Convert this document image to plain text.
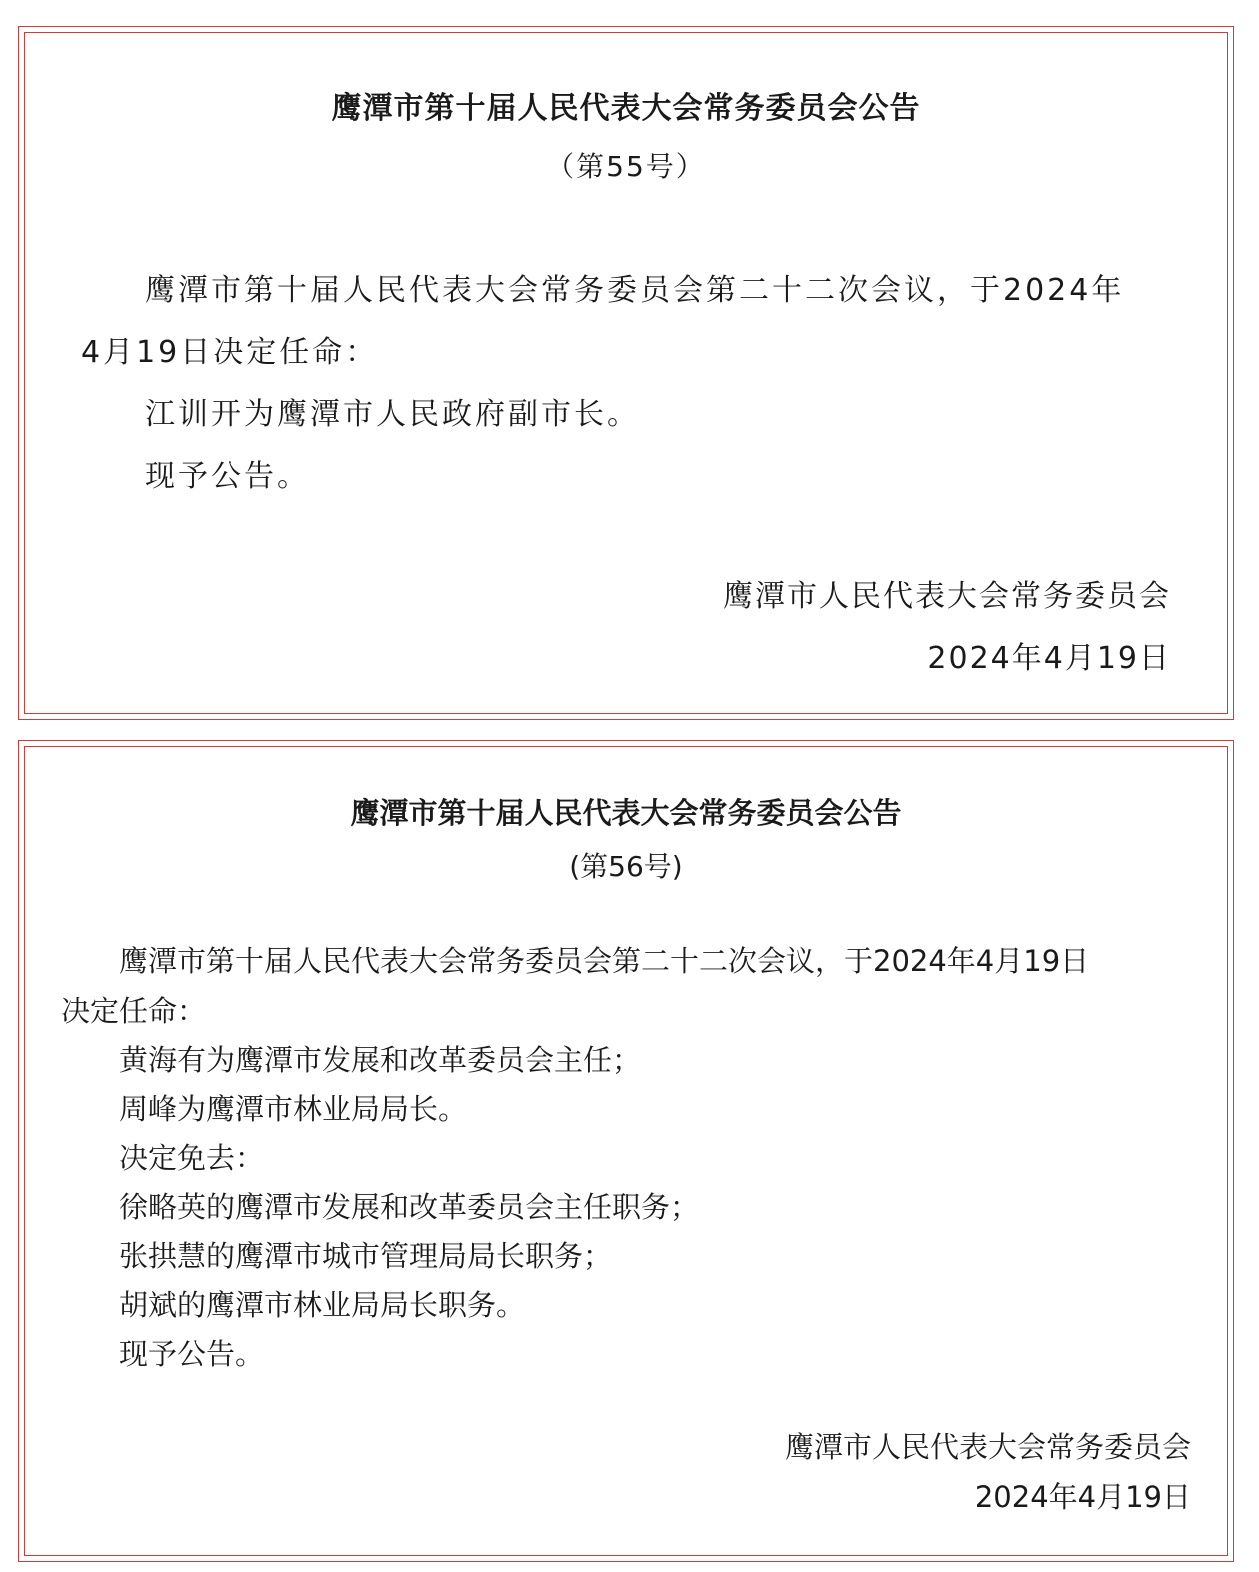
鹰潭市第十届人民代表大会常务委员会公告
（第55号）
鹰潭市第十届人民代表大会常务委员会第二十二次会议，于2024年
4月19日决定任命：
江训开为鹰潭市人民政府副市长。
现予公告。
鹰潭市人民代表大会常务委员会
2024年4月19日
鹰潭市第十届人民代表大会常务委员会公告
(第56号)
鹰潭市第十届人民代表大会常务委员会第二十二次会议，于2024年4月19日
决定任命：
黄海有为鹰潭市发展和改革委员会主任；
周峰为鹰潭市林业局局长。
决定免去：
徐略英的鹰潭市发展和改革委员会主任职务；
张拱慧的鹰潭市城市管理局局长职务；
胡斌的鹰潭市林业局局长职务。
现予公告。
鹰潭市人民代表大会常务委员会
2024年4月19日
